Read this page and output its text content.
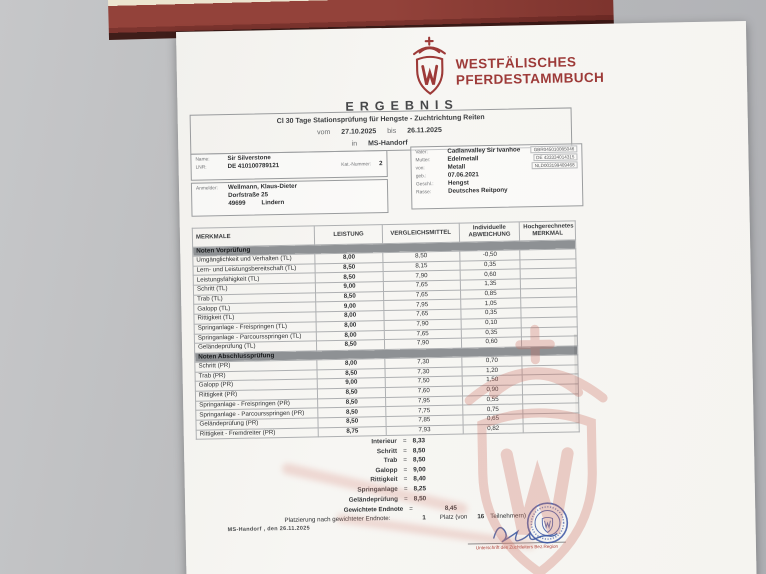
WESTFÄLISCHES
PFERDESTAMMBUCH
ERGEBNIS
Cl 30 Tage Stationsprüfung für Hengste - Zuchtrichtung Reiten
vom 27.10.2025 bis 26.11.2025
in MS-Handorf
Name:	Sir Silverstone
LNR:	DE 410100789121	Kat.-Nummer: 2
Anmelder:	Wellmann, Klaus-Dieter
Dorfstraße 25
49699	Lindern
Vater:	Cadlanvalley Sir Ivanhoe	GBR045010085046
Mutter:	Edelmetall	DE 433334014315
von:	Metall	NLD003199409468
geb.:	07.06.2021
Geschl.:	Hengst
Rasse:	Deutsches Reitpony
MERKMALE	LEISTUNG	VERGLEICHSMITTEL	Individuelle
ABWEICHUNG	Hochgerechnetes
MERKMAL
Noten Vorprüfung				
Umgänglichkeit und Verhalten (TL)	8,00	8,50	-0,50	
Lern- und Leistungsbereitschaft (TL)	8,50	8,15	0,35	
Leistungsfähigkeit (TL)	8,50	7,90	0,60	
Schritt (TL)	9,00	7,65	1,35	
Trab (TL)	8,50	7,65	0,85	
Galopp (TL)	9,00	7,95	1,05	
Rittigkeit (TL)	8,00	7,65	0,35	
Springanlage - Freispringen (TL)	8,00	7,90	0,10	
Springanlage - Parcoursspringen (TL)	8,00	7,65	0,35	
Geländeprüfung (TL)	8,50	7,90	0,60	
Noten Abschlussprüfung				
Schritt (PR)	8,00	7,30	0,70	
Trab (PR)	8,50	7,30	1,20	
Galopp (PR)	9,00	7,50	1,50	
Rittigkeit (PR)	8,50	7,60	0,90	
Springanlage - Freispringen (PR)	8,50	7,95	0,55	
Springanlage - Parcoursspringen (PR)	8,50	7,75	0,75	
Geländeprüfung (PR)	8,50	7,85	0,65	
Rittigkeit - Fremdreiter (PR)	8,75	7,93	0,82	
Interieur = 8,33
Schritt = 8,50
Trab = 8,50
Galopp = 9,00
Rittigkeit = 8,40
Springanlage = 8,25
Geländeprüfung = 8,50
Gewichtete Endnote =	8,45
Platzierung nach gewichteter Endnote:	1 Platz (von 16 Teilnehmern)
MS-Handorf , den 26.11.2025
Unterschrift des Zuchtleiters Bez.Region
